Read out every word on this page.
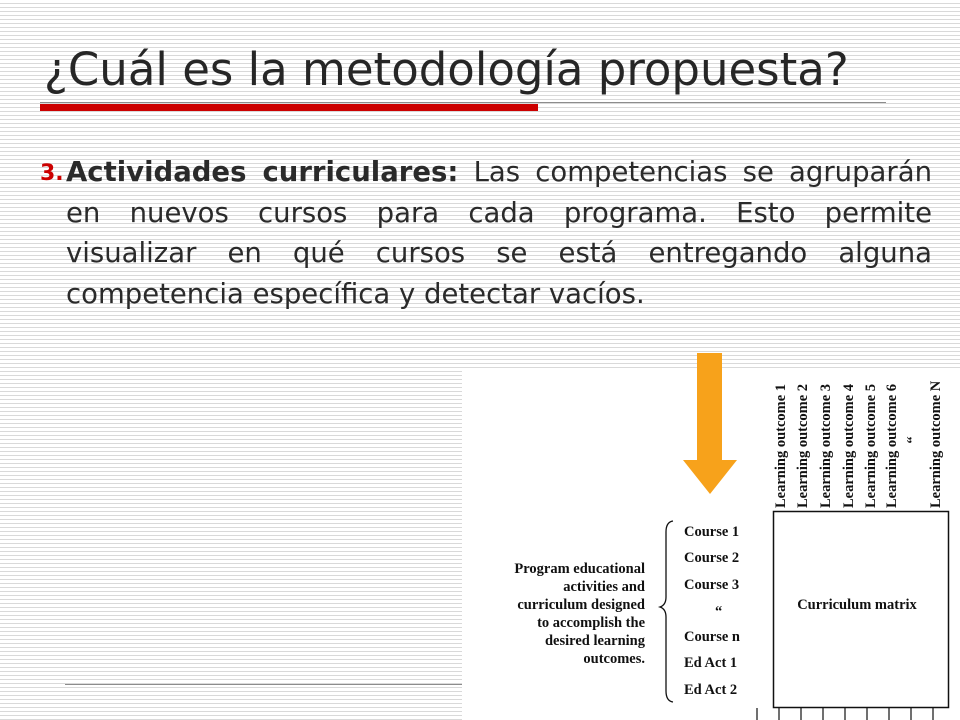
¿Cuál es la metodología propuesta?
3. Actividades curriculares: Las competencias se agruparán
en nuevos cursos para cada programa. Esto permite
visualizar en qué cursos se está entregando alguna
competencia específica y detectar vacíos.
Learning outcome 1 Learning outcome 2 Learning outcome 3 Learning outcome 4 Learning outcome 5 Learning outcome 6 “ Learning outcome N
Curriculum matrix
Course 1
Course 2
Course 3
“
Course n
Ed Act 1
Ed Act 2
Program educational
activities and
curriculum designed
to accomplish the
desired learning
outcomes.
